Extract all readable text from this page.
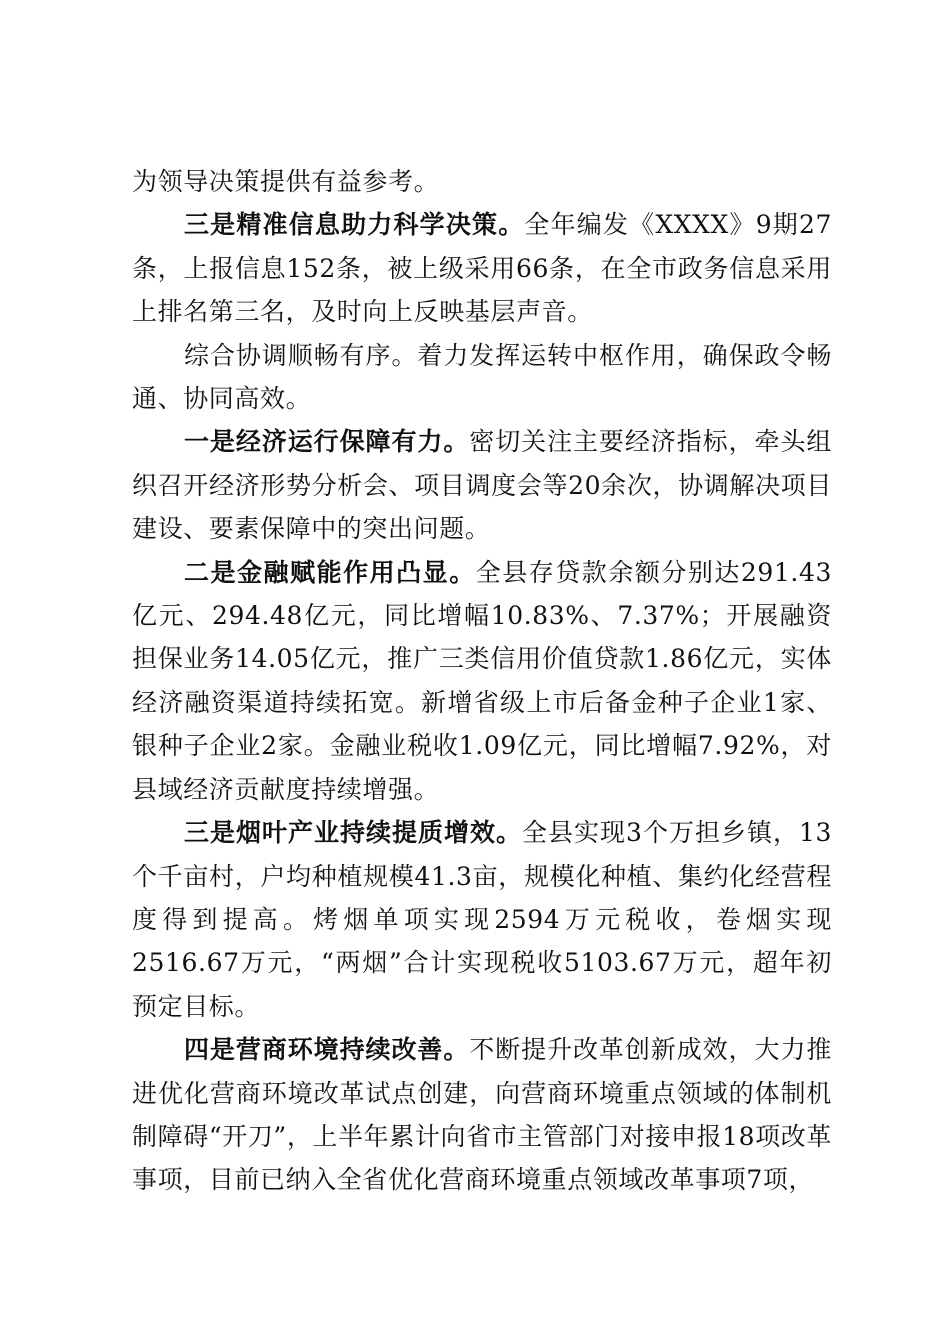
为领导决策提供有益参考。

三是精准信息助力科学决策。全年编发《XXXX》9期27条，上报信息152条，被上级采用66条，在全市政务信息采用上排名第三名，及时向上反映基层声音。

综合协调顺畅有序。着力发挥运转中枢作用，确保政令畅通、协同高效。

一是经济运行保障有力。密切关注主要经济指标，牵头组织召开经济形势分析会、项目调度会等20余次，协调解决项目建设、要素保障中的突出问题。

二是金融赋能作用凸显。全县存贷款余额分别达291.43亿元、294.48亿元，同比增幅10.83%、7.37%；开展融资担保业务14.05亿元，推广三类信用价值贷款1.86亿元，实体经济融资渠道持续拓宽。新增省级上市后备金种子企业1家、银种子企业2家。金融业税收1.09亿元，同比增幅7.92%，对县域经济贡献度持续增强。

三是烟叶产业持续提质增效。全县实现3个万担乡镇，13个千亩村，户均种植规模41.3亩，规模化种植、集约化经营程度得到提高。烤烟单项实现2594万元税收，卷烟实现2516.67万元，“两烟”合计实现税收5103.67万元，超年初预定目标。

四是营商环境持续改善。不断提升改革创新成效，大力推进优化营商环境改革试点创建，向营商环境重点领域的体制机制障碍“开刀”，上半年累计向省市主管部门对接申报18项改革事项，目前已纳入全省优化营商环境重点领域改革事项7项，
